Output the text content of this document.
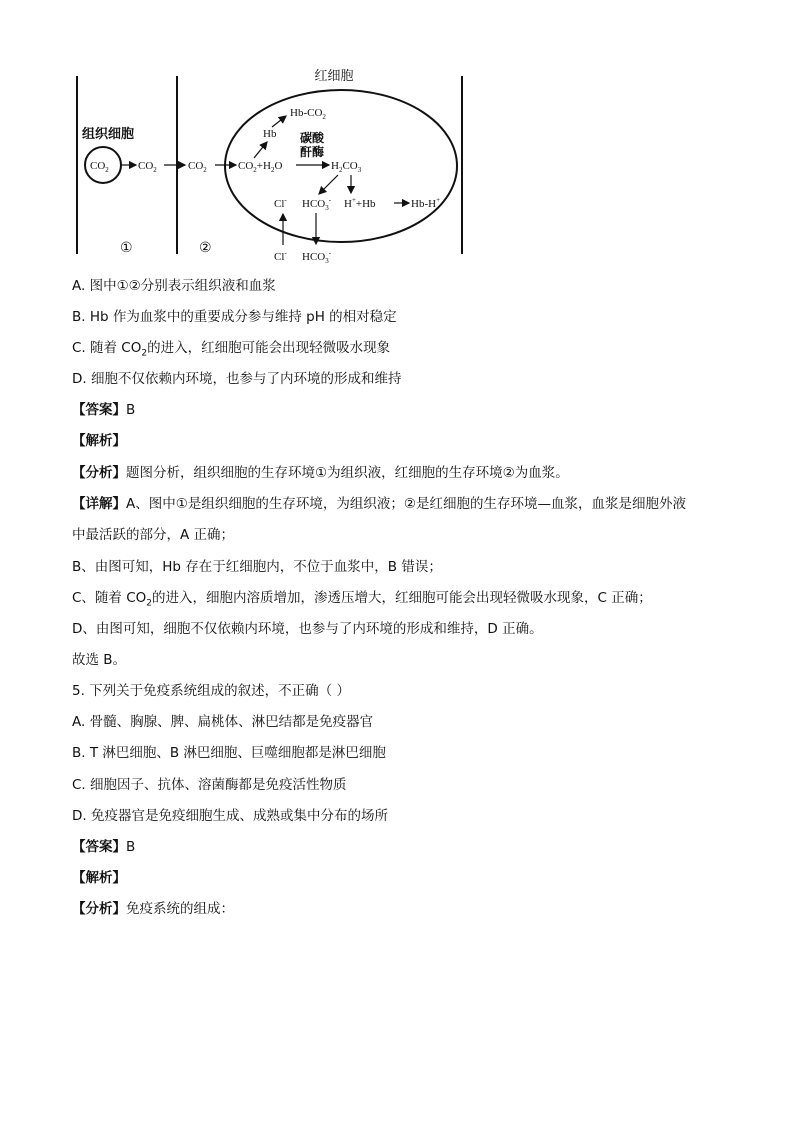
红细胞
组织细胞
$CO_2$	$CO_2$	$CO_2$	$CO_2+H_2O$
Hb
$Hb-CO_2$
碳酸
酐酶
$H_2CO_3$
Cl- $HCO_3^-$ H++Hb	Hb-H+
Cl- $HCO_3^-$
①	②
A. 图中①②分别表示组织液和血浆
B. Hb 作为血浆中的重要成分参与维持 pH 的相对稳定
C. 随着 $CO_2$的进入，红细胞可能会出现轻微吸水现象
D. 细胞不仅依赖内环境，也参与了内环境的形成和维持
【答案】B
【解析】
【分析】题图分析，组织细胞的生存环境①为组织液，红细胞的生存环境②为血浆。
【详解】A、图中①是组织细胞的生存环境，为组织液；②是红细胞的生存环境—血浆，血浆是细胞外液
中最活跃的部分，A 正确；
B、由图可知，Hb 存在于红细胞内，不位于血浆中，B 错误；
C、随着 $CO_2$的进入，细胞内溶质增加，渗透压增大，红细胞可能会出现轻微吸水现象，C 正确；
D、由图可知，细胞不仅依赖内环境，也参与了内环境的形成和维持，D 正确。
故选 B。
5. 下列关于免疫系统组成的叙述，不正确（ ）
A. 骨髓、胸腺、脾、扁桃体、淋巴结都是免疫器官
B. T 淋巴细胞、B 淋巴细胞、巨噬细胞都是淋巴细胞
C. 细胞因子、抗体、溶菌酶都是免疫活性物质
D. 免疫器官是免疫细胞生成、成熟或集中分布的场所
【答案】B
【解析】
【分析】免疫系统的组成：
